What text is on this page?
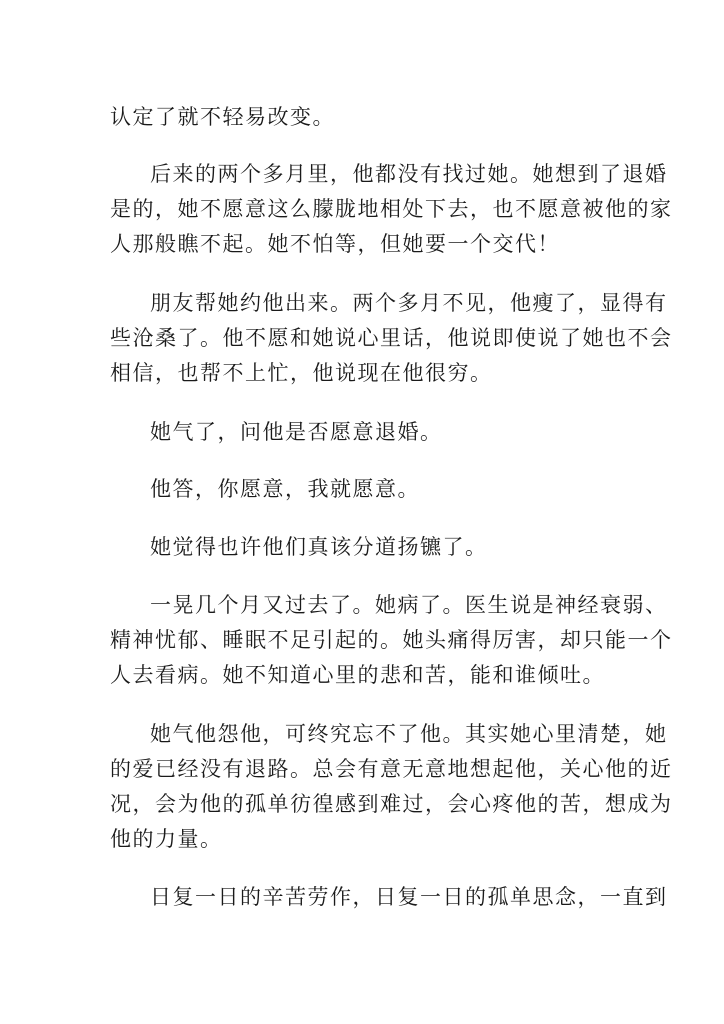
认定了就不轻易改变。
后来的两个多月里，他都没有找过她。她想到了退婚
是的，她不愿意这么朦胧地相处下去，也不愿意被他的家
人那般瞧不起。她不怕等，但她要一个交代！
朋友帮她约他出来。两个多月不见，他瘦了，显得有
些沧桑了。他不愿和她说心里话，他说即使说了她也不会
相信，也帮不上忙，他说现在他很穷。
她气了，问他是否愿意退婚。
他答，你愿意，我就愿意。
她觉得也许他们真该分道扬镳了。
一晃几个月又过去了。她病了。医生说是神经衰弱、
精神忧郁、睡眠不足引起的。她头痛得厉害，却只能一个
人去看病。她不知道心里的悲和苦，能和谁倾吐。
她气他怨他，可终究忘不了他。其实她心里清楚，她
的爱已经没有退路。总会有意无意地想起他，关心他的近
况，会为他的孤单彷徨感到难过，会心疼他的苦，想成为
他的力量。
日复一日的辛苦劳作，日复一日的孤单思念，一直到
